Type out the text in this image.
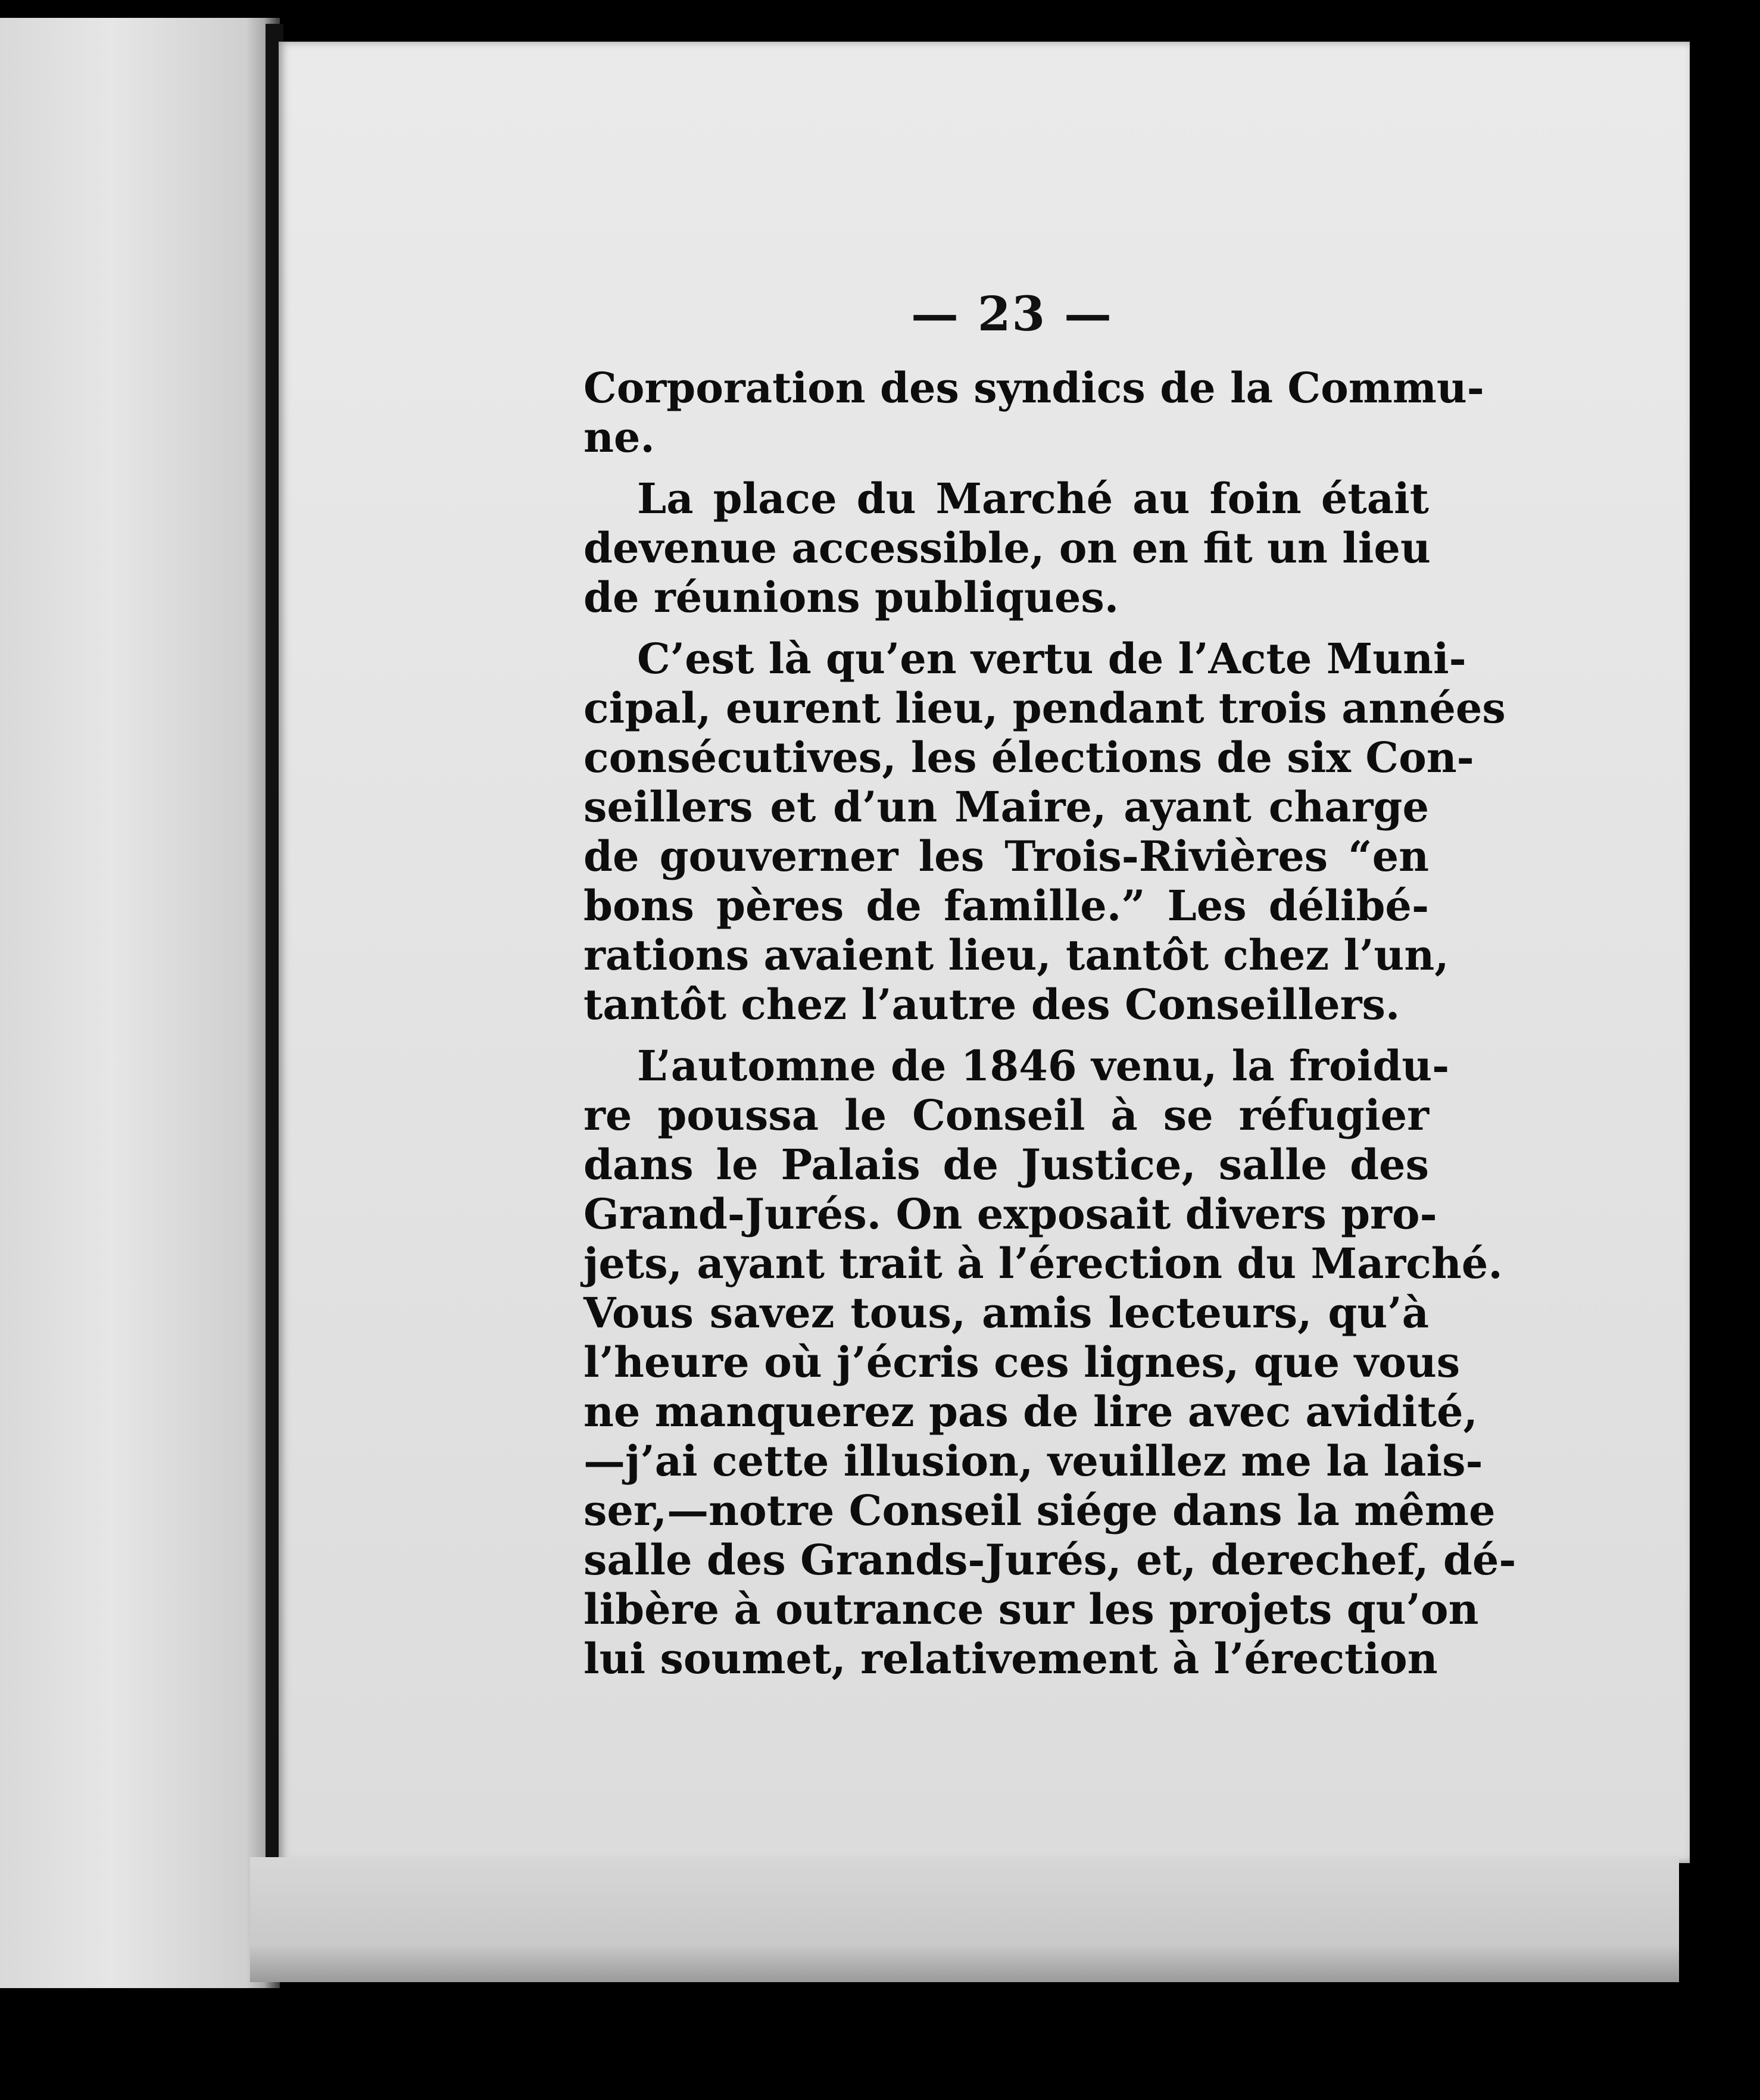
— 23 —
Corporation des syndics de la Commu-
ne.
La place du Marché au foin était
devenue accessible, on en fit un lieu
de réunions publiques.
C’est là qu’en vertu de l’Acte Muni-
cipal, eurent lieu, pendant trois années
consécutives, les élections de six Con-
seillers et d’un Maire, ayant charge
de gouverner les Trois-Rivières “en
bons pères de famille.” Les délibé-
rations avaient lieu, tantôt chez l’un,
tantôt chez l’autre des Conseillers.
L’automne de 1846 venu, la froidu-
re poussa le Conseil à se réfugier
dans le Palais de Justice, salle des
Grand-Jurés. On exposait divers pro-
jets, ayant trait à l’érection du Marché.
Vous savez tous, amis lecteurs, qu’à
l’heure où j’écris ces lignes, que vous
ne manquerez pas de lire avec avidité,
—j’ai cette illusion, veuillez me la lais-
ser,—notre Conseil siége dans la même
salle des Grands-Jurés, et, derechef, dé-
libère à outrance sur les projets qu’on
lui soumet, relativement à l’érection
